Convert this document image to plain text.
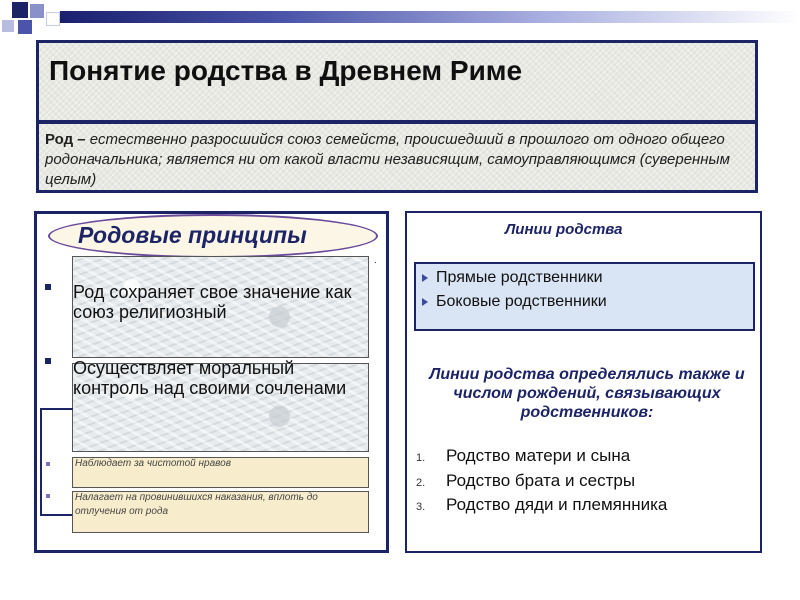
Понятие родства в Древнем Риме
Род – естественно разросшийся союз семейств, происшедший в прошлого от одного общего родоначальника; является ни от какой власти независящим, самоуправляющимся (суверенным целым)
Родовые принципы
.
Род сохраняет свое значение как союз религиозный
Осуществляет моральный контроль над своими сочленами
Наблюдает за чистотой нравов
Налагает на провинившихся наказания, вплоть до отлучения от рода
Линии родства
Прямые родственники
Боковые родственники
Линии родства определялись также и числом рождений, связывающих родственников:
1. Родство матери и сына
2. Родство брата и сестры
3. Родство дяди и племянника
